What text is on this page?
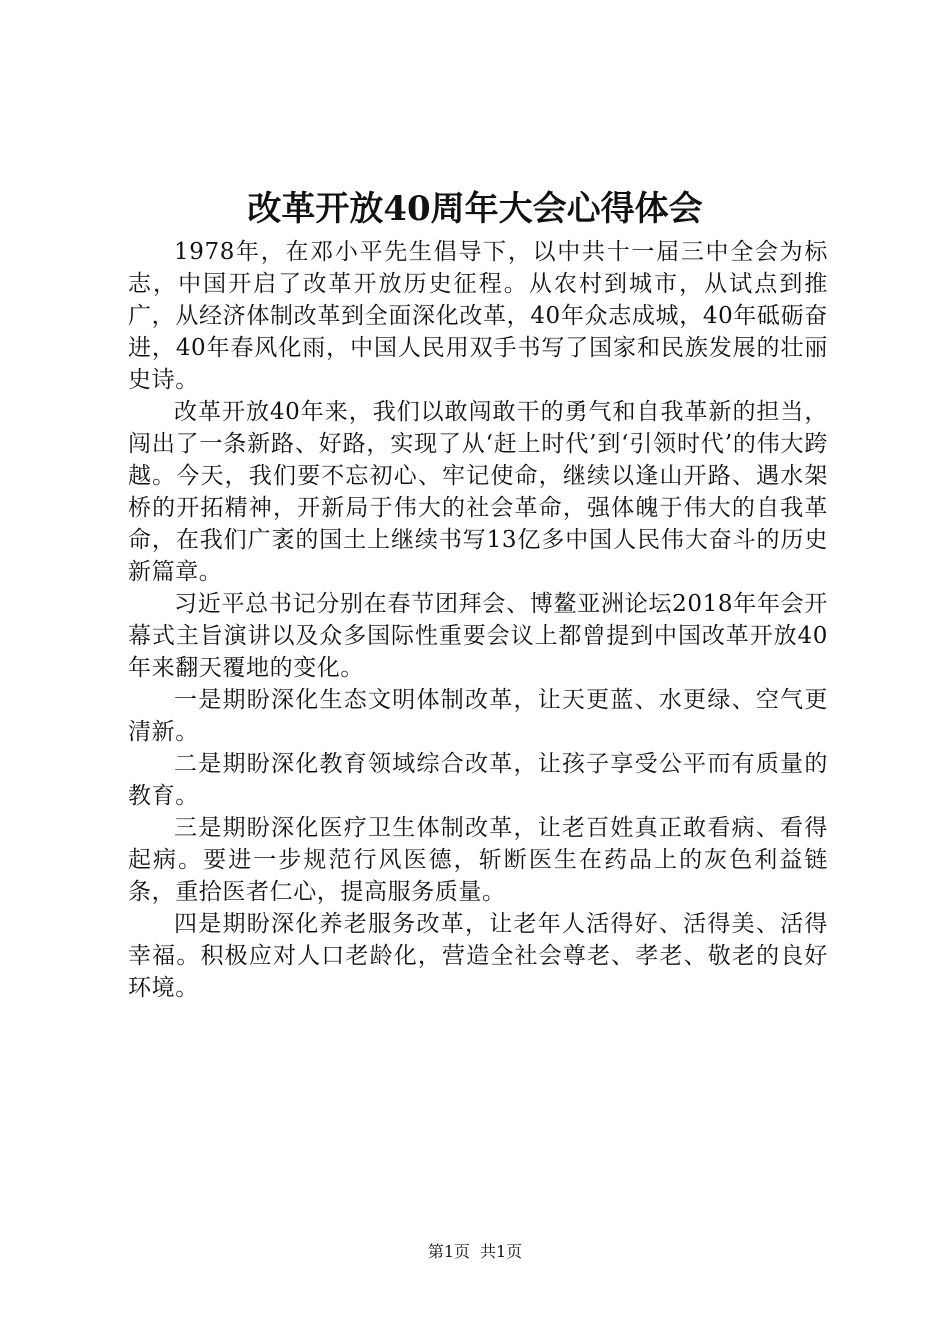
改革开放40周年大会心得体会

1978年，在邓小平先生倡导下，以中共十一届三中全会为标志，中国开启了改革开放历史征程。从农村到城市，从试点到推广，从经济体制改革到全面深化改革，40年众志成城，40年砥砺奋进，40年春风化雨，中国人民用双手书写了国家和民族发展的壮丽史诗。

改革开放40年来，我们以敢闯敢干的勇气和自我革新的担当，闯出了一条新路、好路，实现了从‘赶上时代’到‘引领时代’的伟大跨越。今天，我们要不忘初心、牢记使命，继续以逢山开路、遇水架桥的开拓精神，开新局于伟大的社会革命，强体魄于伟大的自我革命，在我们广袤的国土上继续书写13亿多中国人民伟大奋斗的历史新篇章。

习近平总书记分别在春节团拜会、博鳌亚洲论坛2018年年会开幕式主旨演讲以及众多国际性重要会议上都曾提到中国改革开放40年来翻天覆地的变化。

一是期盼深化生态文明体制改革，让天更蓝、水更绿、空气更清新。

二是期盼深化教育领域综合改革，让孩子享受公平而有质量的教育。

三是期盼深化医疗卫生体制改革，让老百姓真正敢看病、看得起病。要进一步规范行风医德，斩断医生在药品上的灰色利益链条，重拾医者仁心，提高服务质量。

四是期盼深化养老服务改革，让老年人活得好、活得美、活得幸福。积极应对人口老龄化，营造全社会尊老、孝老、敬老的良好环境。

第1页 共1页
